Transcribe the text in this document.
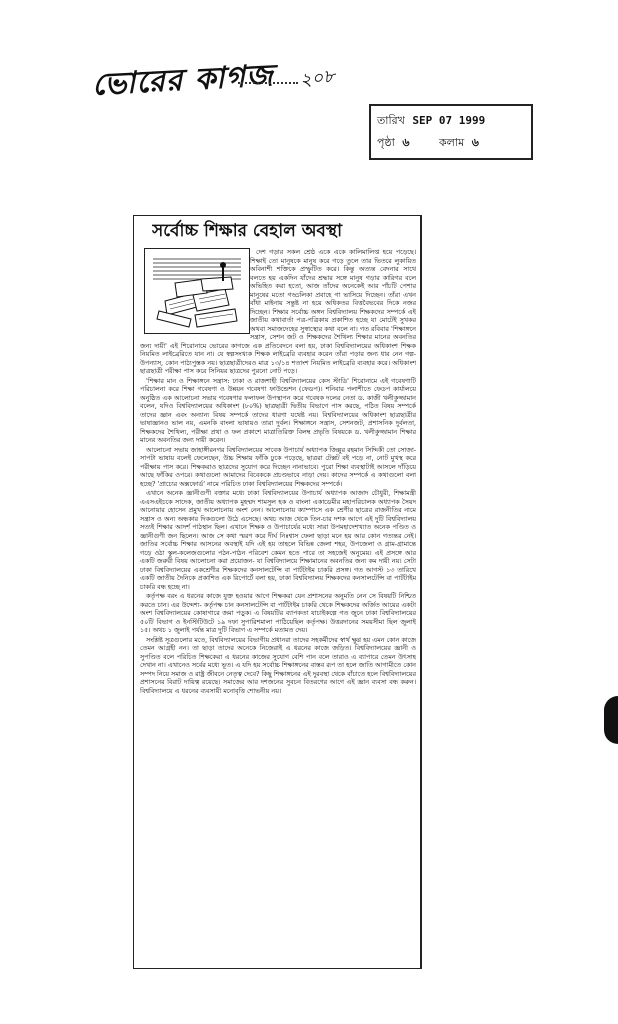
ভোরের কাগজ ২০৮
তারিখ SEP 07 1999
পৃষ্ঠা ৬	কলাম ৬
সর্বোচ্চ শিক্ষার বেহাল অবস্থা

দেশ গড়ার সকল শ্রেষ্ঠ একে একে কালিমালিপ্ত হয়ে পড়েছে। শিক্ষাই তো মানুষকে মানুষ করে গড়ে তুলে তার ভিতরে লুকায়িত অবিনাশী শক্তিকে প্রস্ফুটিত করে। কিন্তু অত্যন্ত বেদনার সাথে বলতে হয় একদিন যাঁদের শ্রদ্ধার সঙ্গে মানুষ গড়ার কারিগর বলে অভিহিত করা হতো, আজ তাঁদের অনেকেই আর পাঁচটি পেশার মানুষের মতো গড্ডলিকা প্রবাহে গা ভাসিয়ে দিচ্ছেন। তাঁরা এখন বাঁধা মাইনায় সন্তুষ্ট না হয়ে অধিকতর বিত্তবৈভবের দিকে নজর দিচ্ছেন। শিক্ষার সর্বোচ্চ অঙ্গন বিশ্ববিদ্যালয় শিক্ষকদের সম্পর্কে এই জাতীয় কথাবার্তা পত্র-পত্রিকায় প্রকাশিত হচ্ছে যা মোটেই সুখকর অথবা সমাজদেহের সুস্বাস্থ্যের কথা বলে না। গত রবিবার 'শিক্ষাঙ্গনে সন্ত্রাস, সেশন জট ও শিক্ষকদের শৈথিল্য শিক্ষার মানের অবনতির জন্য দায়ী' এই শিরোনামে ভোরের কাগজে এক প্রতিবেদনে বলা হয়, ঢাকা বিশ্ববিদ্যালয়ের অধিকাংশ শিক্ষক নিয়মিত লাইব্রেরিতে যান না। যে স্বল্পসংখ্যক শিক্ষক লাইব্রেরি ব্যবহার করেন তাঁরা পড়ার জন্য ধার নেন গল্প-উপন্যাস, কোন পাঠ্যপুস্তক নয়। ছাত্রছাত্রীদেরও মাত্র ১৩/১৪ শতাংশ নিয়মিত লাইব্রেরি ব্যবহার করে। অধিকাংশ ছাত্রছাত্রী পরীক্ষা পাস করে সিনিয়র ছাত্রদের পুরনো নোট পড়ে।

'শিক্ষার মান ও শিক্ষাঙ্গনে সন্ত্রাস: ঢাকা ও রাজশাহী বিশ্ববিদ্যালয়ের কেস স্টাডি' শিরোনামে এই গবেষণাটি পরিচালনা করে শিক্ষা গবেষণা ও উন্নয়ন গবেষণা ফাউন্ডেশন (ফেডপ)। শনিবার পলাশীতে ফেডপ কার্যালয়ে অনুষ্ঠিত এক আলোচনা সভায় গবেষণার ফলাফল উপস্থাপন করে গবেষক দলের নেতা ড. কাজী খলীকুজ্জামান বলেন, যদিও বিশ্ববিদ্যালয়ের অধিকাংশ (৮০%) ছাত্রছাত্রী দ্বিতীয় বিভাগে পাস করছে, পঠিত বিষয় সম্পর্কে তাদের জ্ঞান এবং অন্যান্য বিষয় সম্পর্কে তাদের ধারণা যথেষ্ট নয়। বিশ্ববিদ্যালয়ের অধিকাংশ ছাত্রছাত্রীর ভাষাজ্ঞানও ভাল নয়, এমনকি বাংলা ভাষায়ও তারা দুর্বল। শিক্ষাঙ্গনে সন্ত্রাস, সেশনজট, প্রশাসনিক দুর্বলতা, শিক্ষকদের শৈথিল্য, পরীক্ষা প্রথা ও ফল প্রকাশে মাত্রাতিরিক্ত বিলম্ব প্রভৃতি বিষয়কে ড. খলীকুজ্জামান শিক্ষার মানের অবনতির জন্য দায়ী করেন।

আলোচনা সভায় জাহাঙ্গীরনগর বিশ্ববিদ্যালয়ের সাবেক উপাচার্য অধ্যাপক জিল্লুর রহমান সিদ্দিকী তো সোজা-সাপটা ভাষায় বলেই ফেলেছেন, উচ্চ শিক্ষায় ফাঁকি ঢুকে পড়েছে, ছাত্ররা টেক্সট বই পড়ে না, নোট মুখস্থ করে পরীক্ষায় পাস করে। শিক্ষকরাও ছাত্রদের সুযোগ করে দিচ্ছেন নানাভাবে। পুরো শিক্ষা ব্যবস্থাটাই আসলে দাঁড়িয়ে আছে ফাঁকির ওপরে। কথাগুলো আমাদের বিবেককে প্রচণ্ডভাবে নাড়া দেয়। কাদের সম্পর্কে এ কথাগুলো বলা হচ্ছে? 'প্রাচ্যের অক্সফোর্ড' নামে পরিচিত ঢাকা বিশ্ববিদ্যালয়ের শিক্ষকদের সম্পর্কে।

এখানে অনেক জ্ঞানীগুণী বক্তার মধ্যে ঢাকা বিশ্ববিদ্যালয়ের উপাচার্য অধ্যাপক আজাদ চৌধুরী, শিক্ষামন্ত্রী এএসএইচকে সাদেক, জাতীয় অধ্যাপক মুহম্মদ শামসুল হক ও বাংলা একাডেমীর মহাপরিচালক অধ্যাপক সৈয়দ আনোয়ার হোসেন প্রমুখ আলোচনায় অংশ নেন। আলোচনায় ক্যাম্পাসে এক শ্রেণীর ছাত্রের রাজনীতির নামে সন্ত্রাস ও অন্য অন্ধকার দিকগুলো উঠে এসেছে। অথচ আজ থেকে তিন-চার দশক আগে এই দুটি বিশ্ববিদ্যালয় সত্যই শিক্ষার আদর্শ পাঠস্থান ছিল। এখানে শিক্ষক ও উপাচার্যের মধ্যে সারা উপমহাদেশখ্যাত অনেক পণ্ডিত ও জ্ঞানীগুণী জন ছিলেন। আজ সে কথা স্মরণ করে দীর্ঘ নিঃশ্বাস ফেলা ছাড়া মনে হয় আর কোন গত্যন্তর নেই। জাতির সর্বোচ্চ শিক্ষার আসনের অবস্থাই যদি এই হয় তাহলে বিভিন্ন জেলা শহর, উপজেলা ও গ্রাম-গ্রামান্তে গড়ে ওঠা স্কুল-কলেজগুলোর পঠন-পাঠন পরিবেশ কেমন হতে পারে তা সহজেই অনুমেয়। এই প্রসঙ্গে আর একটি জরুরী বিষয় আলোচনা করা প্রয়োজন- যা বিশ্ববিদ্যালয়ে শিক্ষামানের অবনতির জন্য কম দায়ী নয়। সেটা ঢাকা বিশ্ববিদ্যালয়ের একশ্রেণীর শিক্ষকদের কনসালটেন্সি বা পার্টটাইম চাকরি প্রসঙ্গ। গত আগস্ট ১৩ তারিখে একটি জাতীয় দৈনিকে প্রকাশিত এক রিপোর্টে বলা হয়, ঢাকা বিশ্ববিদ্যালয় শিক্ষকদের কনসালটেন্সি বা পার্টটাইম চাকরি বন্ধ হচ্ছে না।

কর্তৃপক্ষ বরং এ ধরনের কাজে যুক্ত হওয়ার আগে শিক্ষকরা যেন প্রশাসনের অনুমতি নেন সে বিষয়টি নিশ্চিত করতে চান। এর উদ্দেশ্য- কর্তৃপক্ষ চান কনসালটেন্সি বা পার্টটাইম চাকরি থেকে শিক্ষকদের অর্জিত আয়ের একটা অংশ বিশ্ববিদ্যালয়ের কোষাগারে জমা পড়ুক। এ বিষয়টির ব্যাপকতা যাচাইকল্পে গত জুনে ঢাকা বিশ্ববিদ্যালয়ের ৫০টি বিভাগ ও ইনস্টিটিউটে ১৯ দফা সুপারিশমালা পাঠিয়েছিল কর্তৃপক্ষ। উত্তরদানের সময়সীমা ছিল জুলাই ১৫। অথচ ১ জুলাই পর্যন্ত মাত্র দুটি বিভাগ এ সম্পর্কে মতামত দেয়।

সংশ্লিষ্ট সূত্রগুলোর মতে, বিশ্ববিদ্যালয়ের বিভাগীয় প্রধানরা তাদের সহকর্মীদের স্বার্থ ক্ষুণ্ণ হয় এমন কোন কাজে তেমন আগ্রহী নন। তা ছাড়া তাদের অনেকে নিজেরাই এ ধরনের কাজে জড়িত। বিশ্ববিদ্যালয়ের জ্ঞানী ও সুপণ্ডিত বলে পরিচিত শিক্ষকেরা এ ধরনের কাজের সুযোগ বেশি পান বলে তারাও এ ব্যাপারে তেমন উৎসাহ দেখান না। এখানেও সর্বের মধ্যে ভূত। এ যদি হয় সর্বোচ্চ শিক্ষাঙ্গনের বাস্তব রূপ তা হলে জাতি আগামীতে কোন সম্পদ নিয়ে সমাজ ও রাষ্ট্র জীবনে নেতৃত্ব দেবে? কিছু শিক্ষাঙ্গনের এই দুরবস্থা থেকে বাঁচাতে হলে বিশ্ববিদ্যালয়ের প্রশাসনের বিরাট দায়িত্ব রয়েছে। সমাজের আর দশজনের সুবচন বিতরণের আগে এই জ্ঞান ব্যবসা বন্ধ করুন। বিশ্ববিদ্যালয়ে এ ধরনের ব্যবসায়ী মনোবৃত্তি শোভনীয় নয়।
